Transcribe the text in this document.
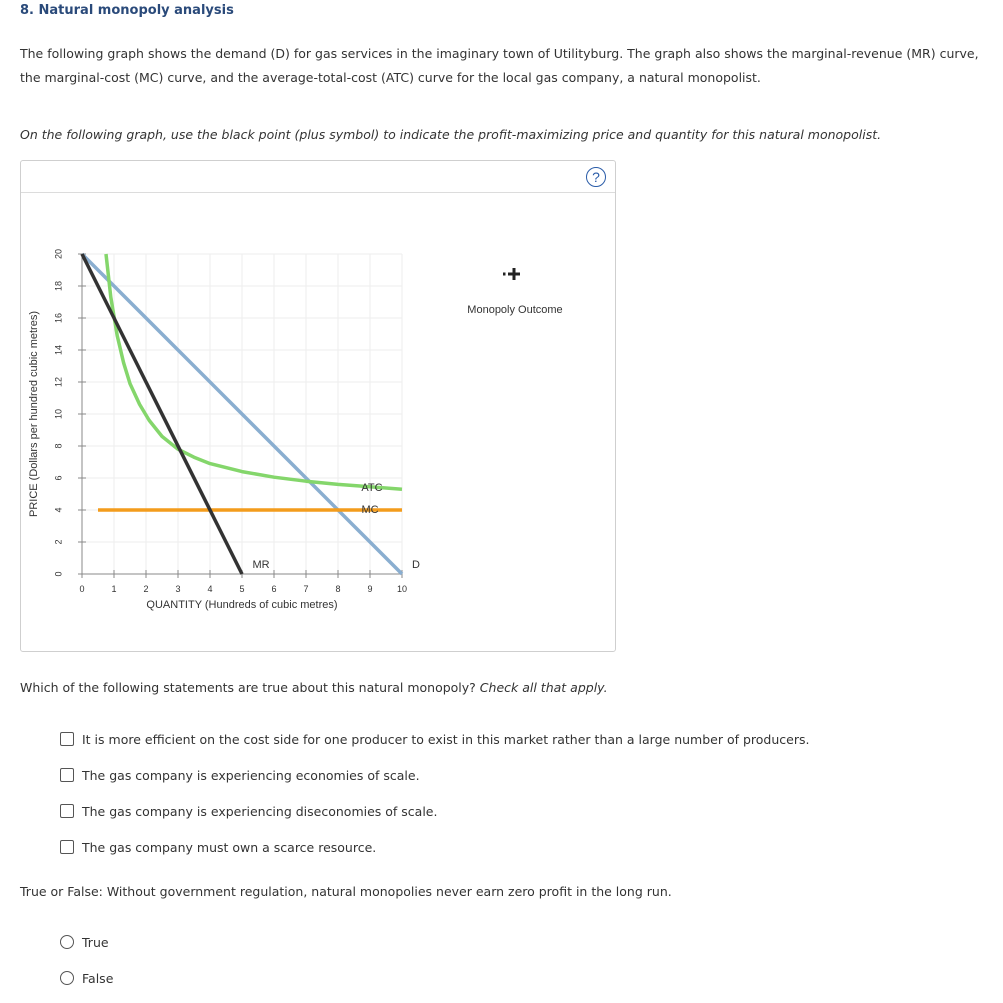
8. Natural monopoly analysis
The following graph shows the demand (D) for gas services in the imaginary town of Utilityburg. The graph also shows the marginal-revenue (MR) curve, the marginal-cost (MC) curve, and the average-total-cost (ATC) curve for the local gas company, a natural monopolist.
On the following graph, use the black point (plus symbol) to indicate the profit-maximizing price and quantity for this natural monopolist.
?
0	1	2	3	4	5	6	7	8	9	10
0
2
4
6
8
10
12
14
16
18
20
QUANTITY (Hundreds of cubic metres)
PRICE (Dollars per hundred cubic metres)
D
MR
MC
ATC
Monopoly Outcome
Which of the following statements are true about this natural monopoly? Check all that apply.
It is more efficient on the cost side for one producer to exist in this market rather than a large number of producers.
The gas company is experiencing economies of scale.
The gas company is experiencing diseconomies of scale.
The gas company must own a scarce resource.
True or False: Without government regulation, natural monopolies never earn zero profit in the long run.
True
False
